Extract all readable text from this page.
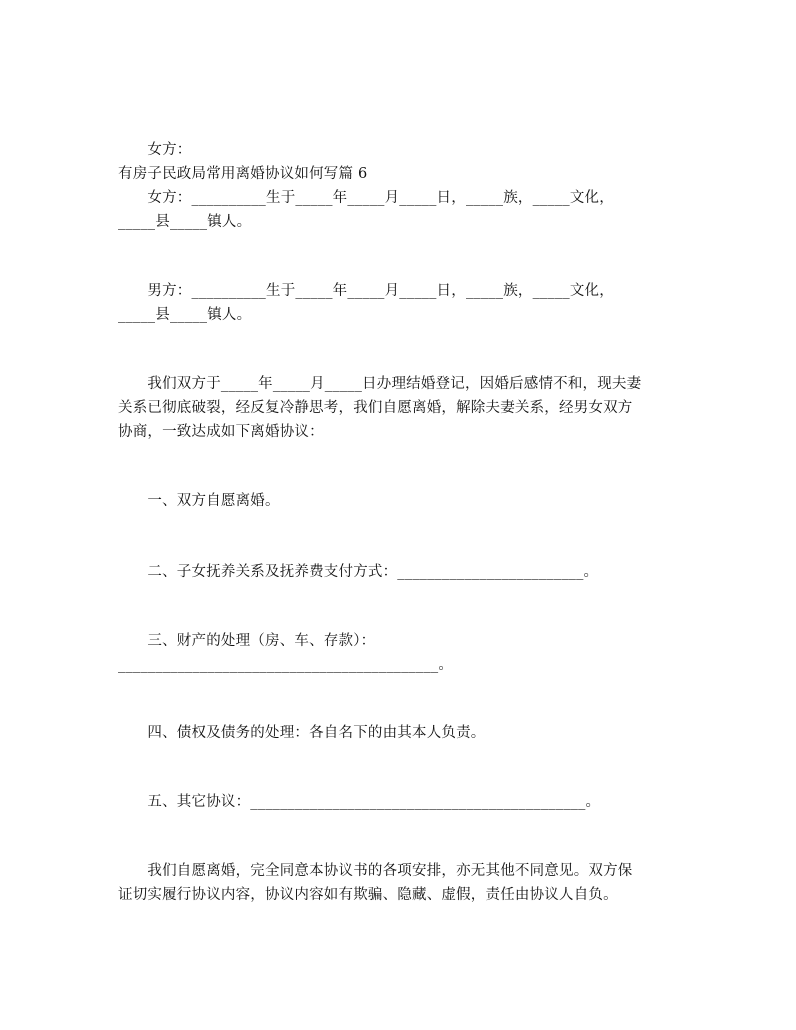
　　女方：
有房子民政局常用离婚协议如何写篇 6
　　女方：__________生于_____年_____月_____日，_____族，_____文化，
_____县_____镇人。
　　男方：__________生于_____年_____月_____日，_____族，_____文化，
_____县_____镇人。
　　我们双方于_____年_____月_____日办理结婚登记，因婚后感情不和，现夫妻
关系已彻底破裂，经反复冷静思考，我们自愿离婚，解除夫妻关系，经男女双方
协商，一致达成如下离婚协议：
　　一、双方自愿离婚。
　　二、子女抚养关系及抚养费支付方式：_________________________。
　　三、财产的处理（房、车、存款）：
___________________________________________。
　　四、债权及债务的处理：各自名下的由其本人负责。
　　五、其它协议：_____________________________________________。
　　我们自愿离婚，完全同意本协议书的各项安排，亦无其他不同意见。双方保
证切实履行协议内容，协议内容如有欺骗、隐藏、虚假，责任由协议人自负。
